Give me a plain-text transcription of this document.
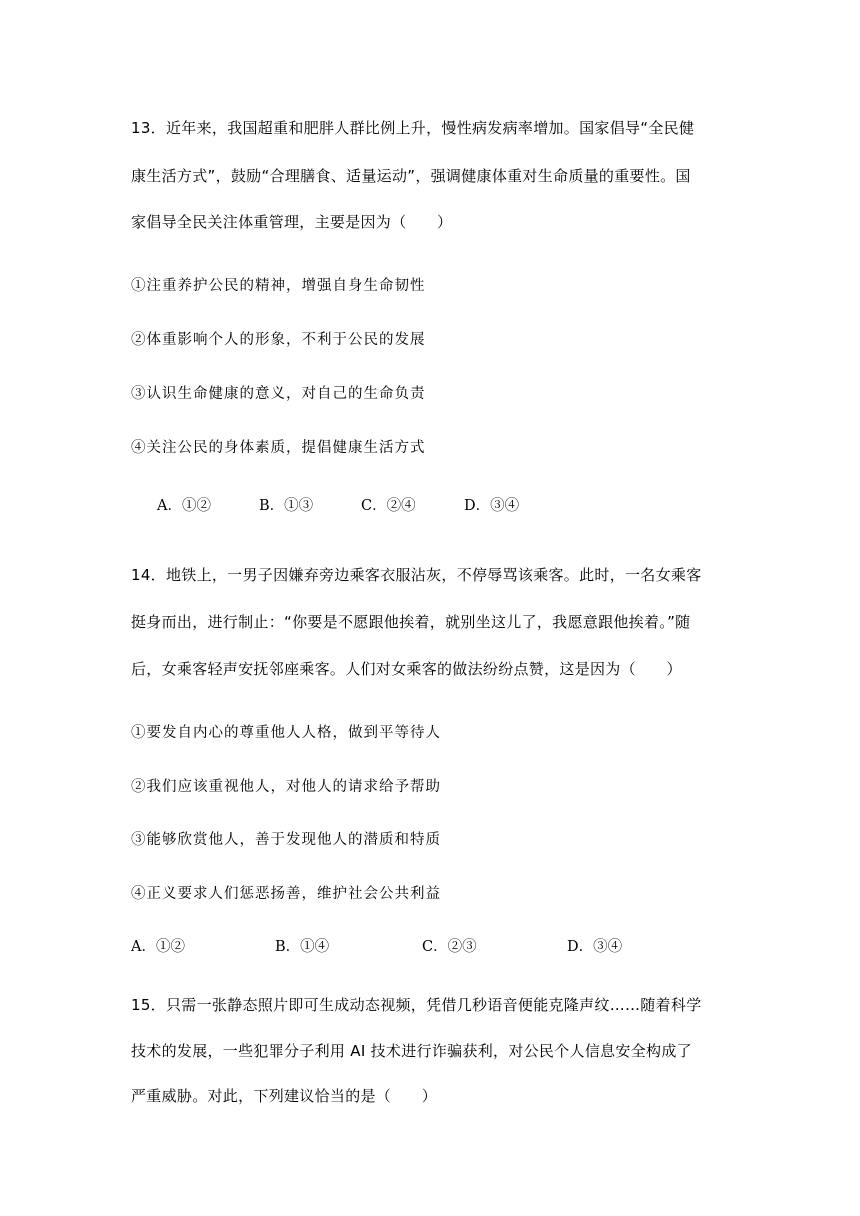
13．近年来，我国超重和肥胖人群比例上升，慢性病发病率增加。国家倡导“全民健
康生活方式”，鼓励“合理膳食、适量运动”，强调健康体重对生命质量的重要性。国
家倡导全民关注体重管理，主要是因为（　　）
①注重养护公民的精神，增强自身生命韧性
②体重影响个人的形象，不利于公民的发展
③认识生命健康的意义，对自己的生命负责
④关注公民的身体素质，提倡健康生活方式
A．①②	B．①③	C．②④	D．③④
14．地铁上，一男子因嫌弃旁边乘客衣服沾灰，不停辱骂该乘客。此时，一名女乘客
挺身而出，进行制止：“你要是不愿跟他挨着，就别坐这儿了，我愿意跟他挨着。”随
后，女乘客轻声安抚邻座乘客。人们对女乘客的做法纷纷点赞，这是因为（　　）
①要发自内心的尊重他人人格，做到平等待人
②我们应该重视他人，对他人的请求给予帮助
③能够欣赏他人，善于发现他人的潜质和特质
④正义要求人们惩恶扬善，维护社会公共利益
A．①②	B．①④	C．②③	D．③④
15．只需一张静态照片即可生成动态视频，凭借几秒语音便能克隆声纹……随着科学
技术的发展，一些犯罪分子利用 AI 技术进行诈骗获利，对公民个人信息安全构成了
严重威胁。对此，下列建议恰当的是（　　）
